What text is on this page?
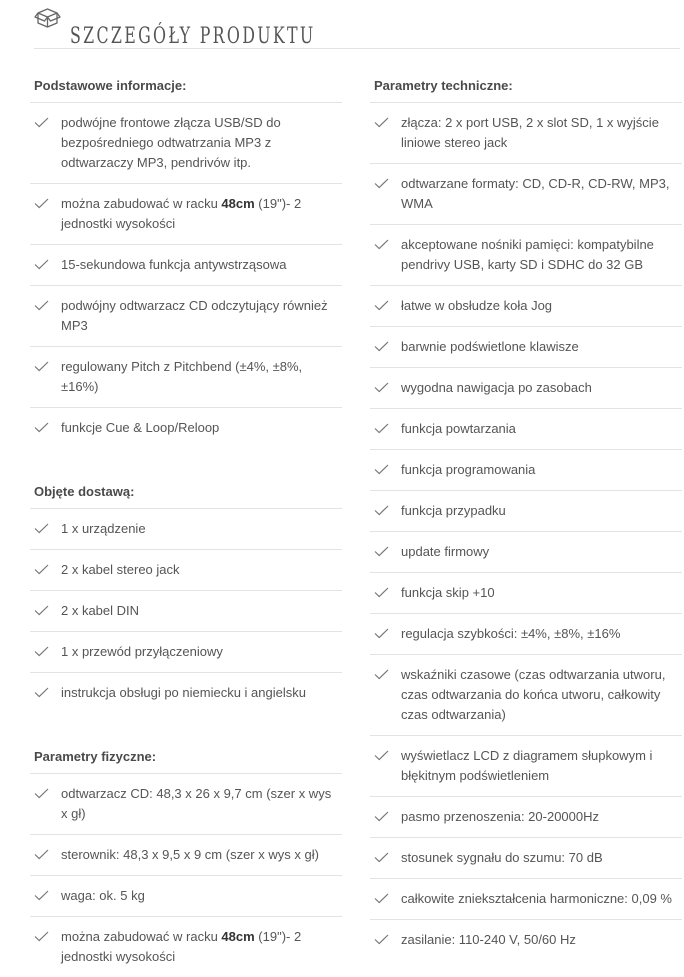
SZCZEGÓŁY PRODUKTU
Podstawowe informacje:
podwójne frontowe złącza USB/SD do bezpośredniego odtwatrzania MP3 z odtwarzaczy MP3, pendrivów itp.
można zabudować w racku 48cm (19")- 2 jednostki wysokości
15-sekundowa funkcja antywstrząsowa
podwójny odtwarzacz CD odczytujący również MP3
regulowany Pitch z Pitchbend (±4%, ±8%, ±16%)
funkcje Cue & Loop/Reloop
Objęte dostawą:
1 x urządzenie
2 x kabel stereo jack
2 x kabel DIN
1 x przewód przyłączeniowy
instrukcja obsługi po niemiecku i angielsku
Parametry fizyczne:
odtwarzacz CD: 48,3 x 26 x 9,7 cm (szer x wys x gł)
sterownik: 48,3 x 9,5 x 9 cm (szer x wys x gł)
waga: ok. 5 kg
można zabudować w racku 48cm (19")- 2 jednostki wysokości
Parametry techniczne:
złącza: 2 x port USB, 2 x slot SD, 1 x wyjście liniowe stereo jack
odtwarzane formaty: CD, CD-R, CD-RW, MP3, WMA
akceptowane nośniki pamięci: kompatybilne pendrivy USB, karty SD i SDHC do 32 GB
łatwe w obsłudze koła Jog
barwnie podświetlone klawisze
wygodna nawigacja po zasobach
funkcja powtarzania
funkcja programowania
funkcja przypadku
update firmowy
funkcja skip +10
regulacja szybkości: ±4%, ±8%, ±16%
wskaźniki czasowe (czas odtwarzania utworu, czas odtwarzania do końca utworu, całkowity czas odtwarzania)
wyświetlacz LCD z diagramem słupkowym i błękitnym podświetleniem
pasmo przenoszenia: 20-20000Hz
stosunek sygnału do szumu: 70 dB
całkowite zniekształcenia harmoniczne: 0,09 %
zasilanie: 110-240 V, 50/60 Hz
